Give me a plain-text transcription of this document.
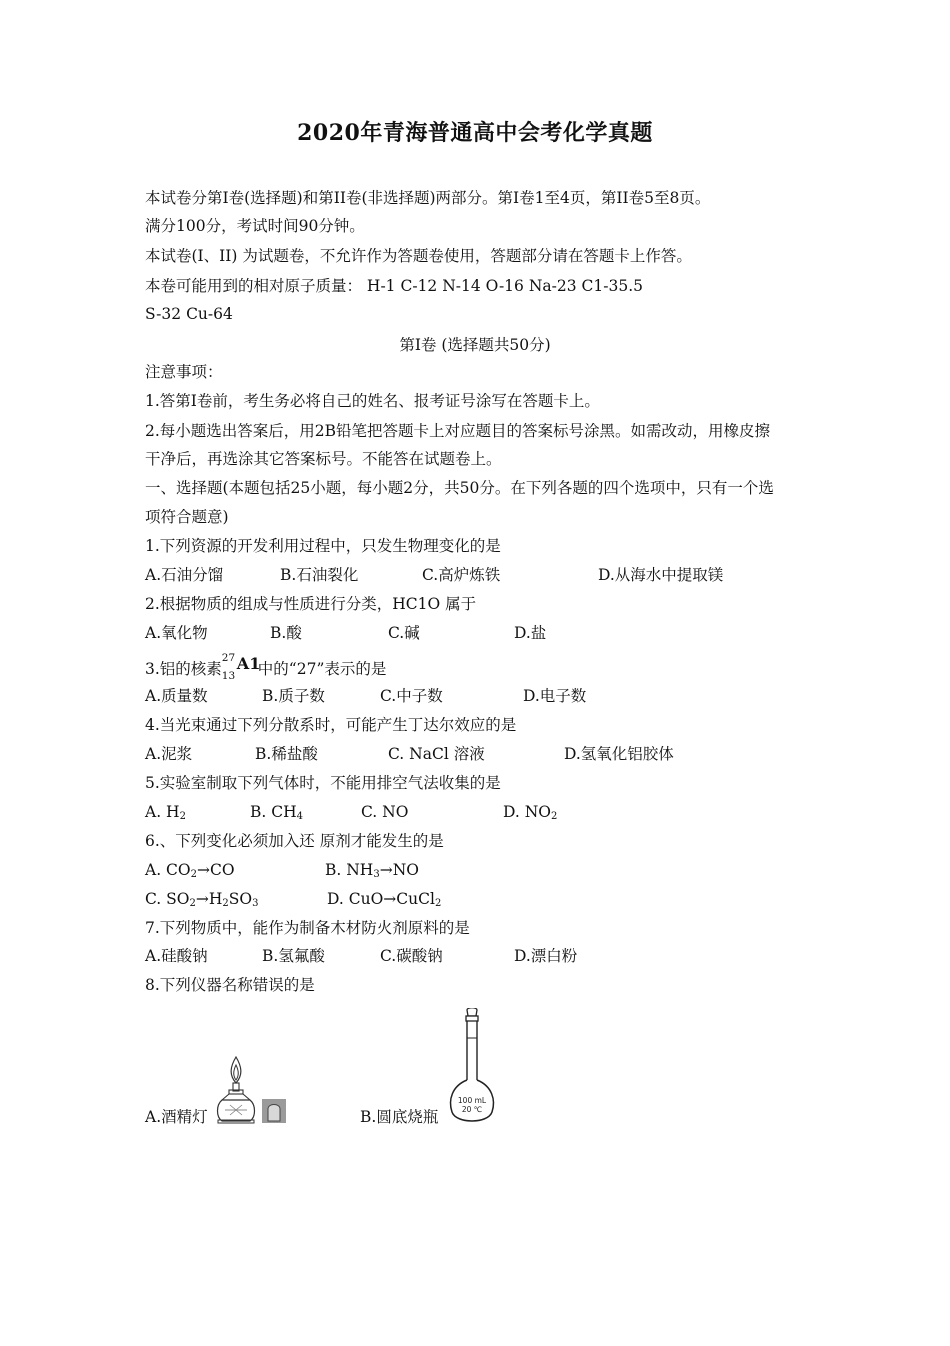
2020年青海普通高中会考化学真题
本试卷分第Ⅰ卷(选择题)和第II卷(非选择题)两部分。第Ⅰ卷1至4页，第II卷5至8页。
满分100分，考试时间90分钟。
本试卷(I、II) 为试题卷，不允许作为答题卷使用，答题部分请在答题卡上作答。
本卷可能用到的相对原子质量： H-1 C-12 N-14 O-16 Na-23 C1-35.5
S-32 Cu-64
第Ⅰ卷 (选择题共50分)
注意事项：
1.答第Ⅰ卷前，考生务必将自己的姓名、报考证号涂写在答题卡上。
2.每小题选出答案后，用2B铅笔把答题卡上对应题目的答案标号涂黑。如需改动，用橡皮擦
干净后，再选涂其它答案标号。不能答在试题卷上。
一、选择题(本题包括25小题，每小题2分，共50分。在下列各题的四个选项中，只有一个选
项符合题意)
1.下列资源的开发利用过程中，只发生物理变化的是
A.石油分馏	B.石油裂化	C.高炉炼铁	D.从海水中提取镁
2.根据物质的组成与性质进行分类，HC1O 属于
A.氧化物	B.酸	C.碱	D.盐
3.铝的核素
27
13
A1
中的“27”表示的是
A.质量数	B.质子数	C.中子数	D.电子数
4.当光束通过下列分散系时，可能产生丁达尔效应的是
A.泥浆	B.稀盐酸	C. NaCl 溶液	D.氢氧化铝胶体
5.实验室制取下列气体时，不能用排空气法收集的是
A. $H_2$	B. $CH_4$	C. NO	D. $NO_2$
6.、下列变化必须加入还 原剂才能发生的是
A. $CO_2\to CO$	B. $NH_3\to NO$
C. $SO_2\to H_2SO_3$	D. CuO→CuCl$_2$
7.下列物质中，能作为制备木材防火剂原料的是
A.硅酸钠	B.氢氟酸	C.碳酸钠	D.漂白粉
8.下列仪器名称错误的是
A.酒精灯
100 mL
20 ℃
B.圆底烧瓶
